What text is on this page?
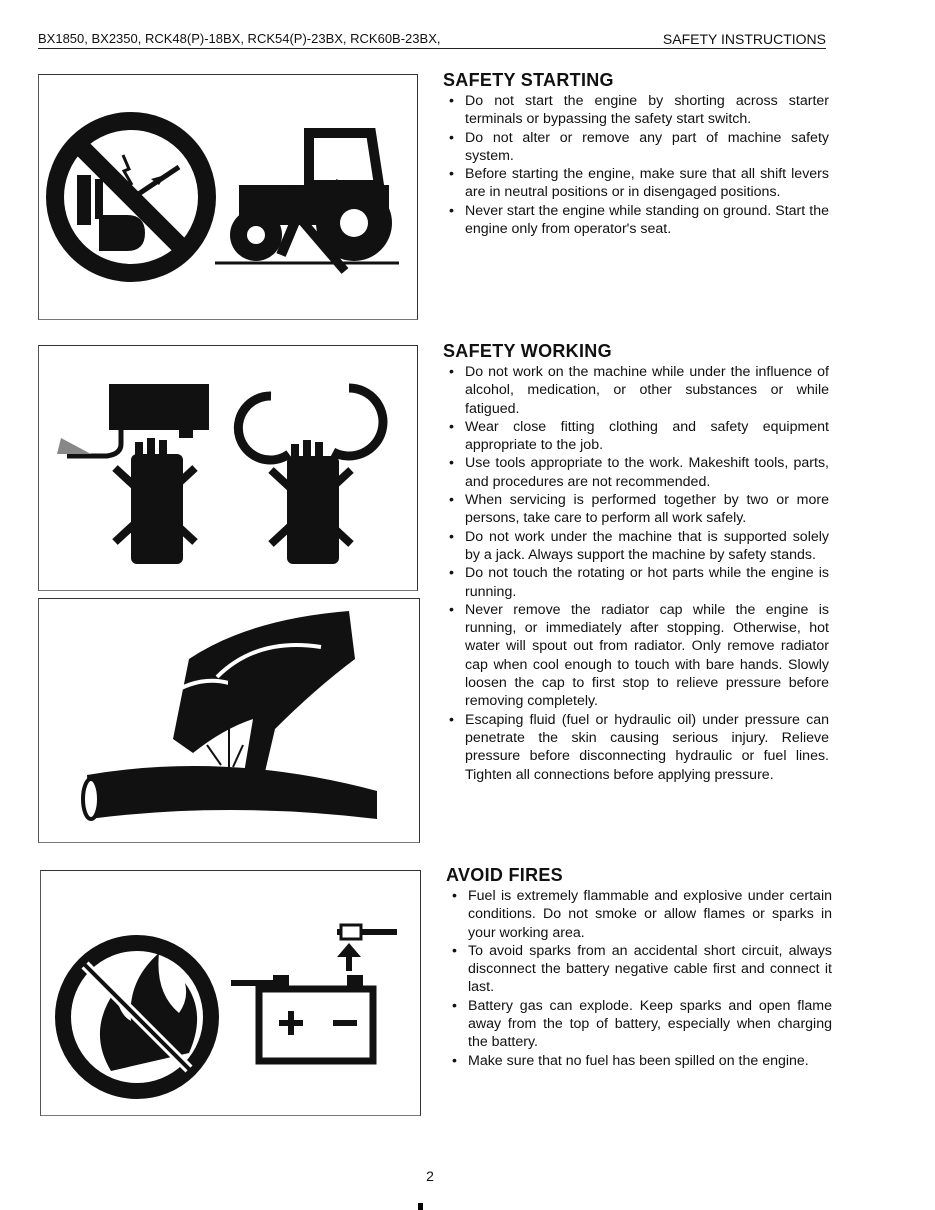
BX1850, BX2350, RCK48(P)-18BX, RCK54(P)-23BX, RCK60B-23BX,	SAFETY INSTRUCTIONS
SAFETY STARTING
• Do not start the engine by shorting across starter terminals or bypassing the safety start switch.
• Do not alter or remove any part of machine safety system.
• Before starting the engine, make sure that all shift levers are in neutral positions or in disengaged positions.
• Never start the engine while standing on ground. Start the engine only from operator's seat.
SAFETY WORKING
• Do not work on the machine while under the influence of alcohol, medication, or other substances or while fatigued.
• Wear close fitting clothing and safety equipment appropriate to the job.
• Use tools appropriate to the work. Makeshift tools, parts, and procedures are not recommended.
• When servicing is performed together by two or more persons, take care to perform all work safely.
• Do not work under the machine that is supported solely by a jack. Always support the machine by safety stands.
• Do not touch the rotating or hot parts while the engine is running.
• Never remove the radiator cap while the engine is running, or immediately after stopping. Otherwise, hot water will spout out from radiator. Only remove radiator cap when cool enough to touch with bare hands. Slowly loosen the cap to first stop to relieve pressure before removing completely.
• Escaping fluid (fuel or hydraulic oil) under pressure can penetrate the skin causing serious injury. Relieve pressure before disconnecting hydraulic or fuel lines. Tighten all connections before applying pressure.
AVOID FIRES
• Fuel is extremely flammable and explosive under certain conditions. Do not smoke or allow flames or sparks in your working area.
• To avoid sparks from an accidental short circuit, always disconnect the battery negative cable first and connect it last.
• Battery gas can explode. Keep sparks and open flame away from the top of battery, especially when charging the battery.
• Make sure that no fuel has been spilled on the engine.
2
